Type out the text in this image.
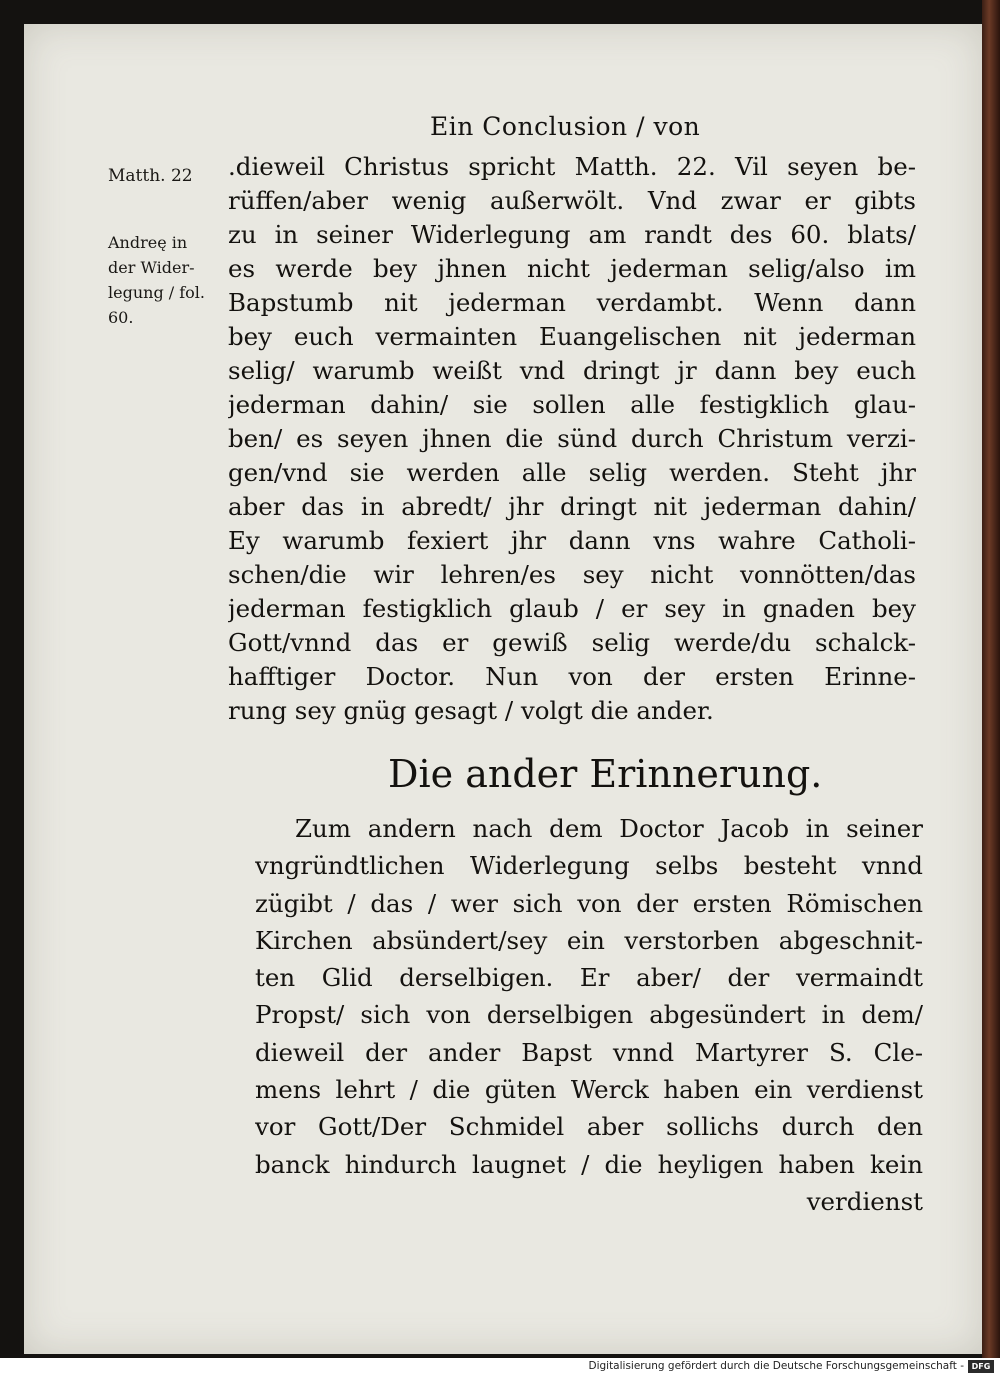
Ein Conclusion / von
Matth. 22
Andreę in
der Wider-
legung / fol.
60.
.dieweil Christus spricht Matth. 22. Vil seyen be-
rüffen/aber wenig außerwölt. Vnd zwar er gibts
zu in seiner Widerlegung am randt des 60. blats/
es werde bey jhnen nicht jederman selig/also im
Bapstumb nit jederman verdambt. Wenn dann
bey euch vermainten Euangelischen nit jederman
selig/ warumb weißt vnd dringt jr dann bey euch
jederman dahin/ sie sollen alle festigklich glau-
ben/ es seyen jhnen die sünd durch Christum verzi-
gen/vnd sie werden alle selig werden. Steht jhr
aber das in abredt/ jhr dringt nit jederman dahin/
Ey warumb fexiert jhr dann vns wahre Catholi-
schen/die wir lehren/es sey nicht vonnötten/das
jederman festigklich glaub / er sey in gnaden bey
Gott/vnnd das er gewiß selig werde/du schalck-
hafftiger Doctor. Nun von der ersten Erinne-
rung sey gnüg gesagt / volgt die ander.
Die ander Erinnerung.
Zum andern nach dem Doctor Jacob in seiner
vngründtlichen Widerlegung selbs besteht vnnd
zügibt / das / wer sich von der ersten Römischen
Kirchen absündert/sey ein verstorben abgeschnit-
ten Glid derselbigen. Er aber/ der vermaindt
Propst/ sich von derselbigen abgesündert in dem/
dieweil der ander Bapst vnnd Martyrer S. Cle-
mens lehrt / die güten Werck haben ein verdienst
vor Gott/Der Schmidel aber sollichs durch den
banck hindurch laugnet / die heyligen haben kein
verdienst
Digitalisierung gefördert durch die Deutsche Forschungsgemeinschaft - DFG
